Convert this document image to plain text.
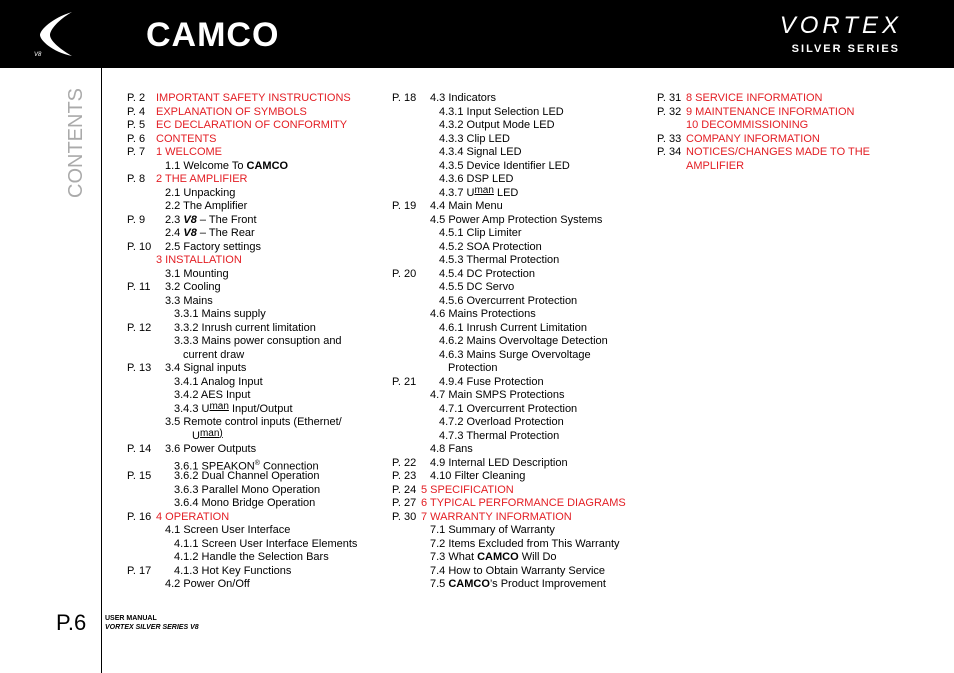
V8
CAMCO	VORTEX
SILVER SERIES
CONTENTS
P.6	USER MANUAL
VORTEX SILVER SERIES V8
P. 2 IMPORTANT SAFETY INSTRUCTIONS
P. 4 EXPLANATION OF SYMBOLS
P. 5 EC DECLARATION OF CONFORMITY
P. 6 CONTENTS
P. 7 1 WELCOME
1.1 Welcome To CAMCO
P. 8 2 THE AMPLIFIER
2.1 Unpacking
2.2 The Amplifier
P. 9 2.3 V8 – The Front
2.4 V8 – The Rear
P. 10 2.5 Factory settings
3 INSTALLATION
3.1 Mounting
P. 11 3.2 Cooling
3.3 Mains
3.3.1 Mains supply
P. 12 3.3.2 Inrush current limitation
3.3.3 Mains power consuption and
current draw
P. 13 3.4 Signal inputs
3.4.1 Analog Input
3.4.2 AES Input
3.4.3 Uman Input/Output
3.5 Remote control inputs (Ethernet/
Uman)
P. 14 3.6 Power Outputs
3.6.1 SPEAKON® Connection
P. 15 3.6.2 Dual Channel Operation
3.6.3 Parallel Mono Operation
3.6.4 Mono Bridge Operation
P. 16 4 OPERATION
4.1 Screen User Interface
4.1.1 Screen User Interface Elements
4.1.2 Handle the Selection Bars
P. 17 4.1.3 Hot Key Functions
4.2 Power On/Off
P. 18 4.3 Indicators
4.3.1 Input Selection LED
4.3.2 Output Mode LED
4.3.3 Clip LED
4.3.4 Signal LED
4.3.5 Device Identifier LED
4.3.6 DSP LED
4.3.7 Uman LED
P. 19 4.4 Main Menu
4.5 Power Amp Protection Systems
4.5.1 Clip Limiter
4.5.2 SOA Protection
4.5.3 Thermal Protection
P. 20 4.5.4 DC Protection
4.5.5 DC Servo
4.5.6 Overcurrent Protection
4.6 Mains Protections
4.6.1 Inrush Current Limitation
4.6.2 Mains Overvoltage Detection
4.6.3 Mains Surge Overvoltage
Protection
P. 21 4.9.4 Fuse Protection
4.7 Main SMPS Protections
4.7.1 Overcurrent Protection
4.7.2 Overload Protection
4.7.3 Thermal Protection
4.8 Fans
P. 22 4.9 Internal LED Description
P. 23 4.10 Filter Cleaning
P. 24 5 SPECIFICATION
P. 27 6 TYPICAL PERFORMANCE DIAGRAMS
P. 30 7 WARRANTY INFORMATION
7.1 Summary of Warranty
7.2 Items Excluded from This Warranty
7.3 What CAMCO Will Do
7.4 How to Obtain Warranty Service
7.5 CAMCO’s Product Improvement
P. 31 8 SERVICE INFORMATION
P. 32 9 MAINTENANCE INFORMATION
10 DECOMMISSIONING
P. 33 COMPANY INFORMATION
P. 34 NOTICES/CHANGES MADE TO THE
AMPLIFIER
